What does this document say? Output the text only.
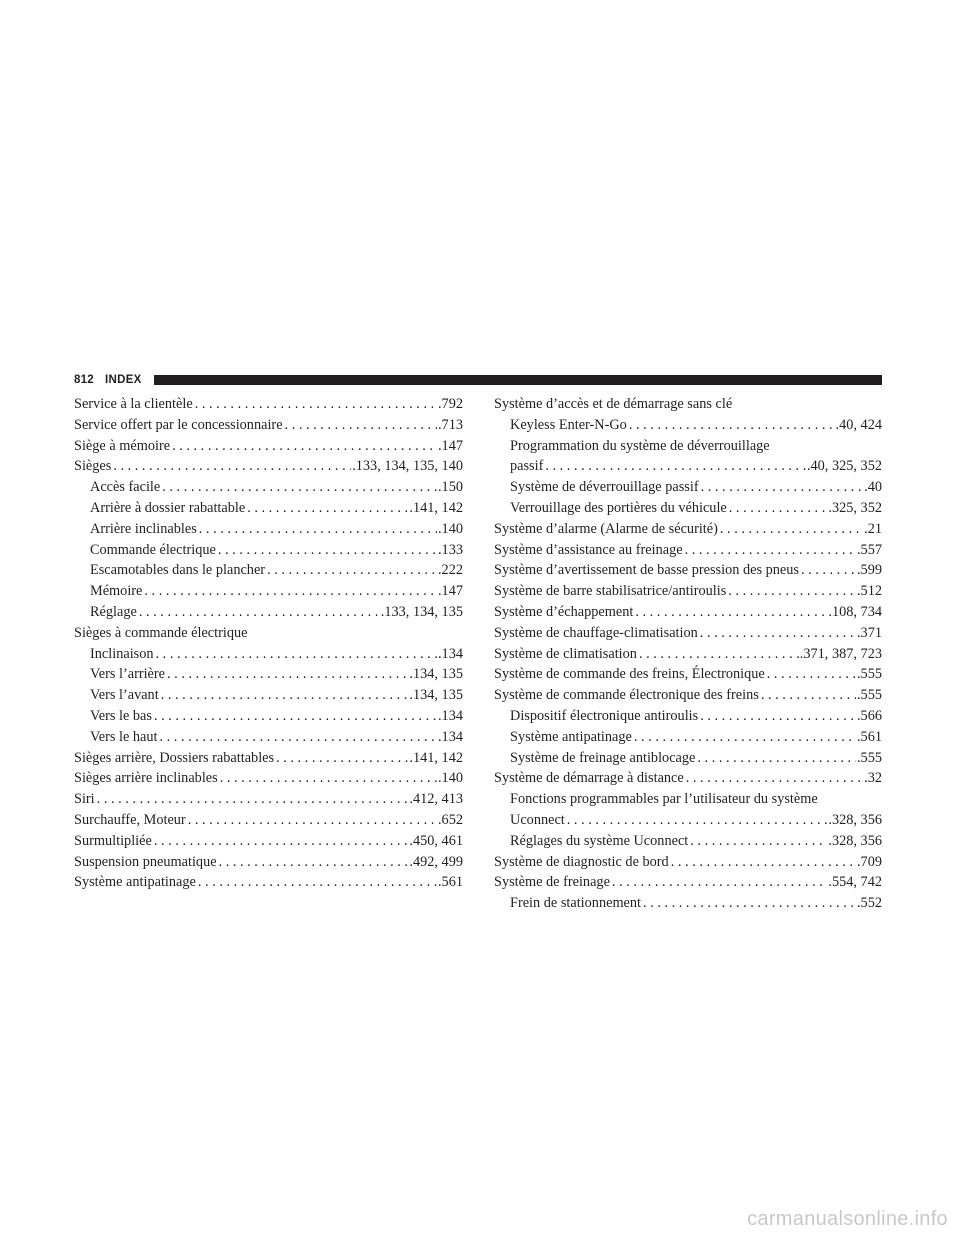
812 INDEX
Service à la clientèle . . .	.792
Service offert par le concessionnaire . . .	.713
Siège à mémoire . . .	.147
Sièges . . .	.133, 134, 135, 140
Accès facile . . .	.150
Arrière à dossier rabattable . . .	.141, 142
Arrière inclinables . . .	.140
Commande électrique . . .	.133
Escamotables dans le plancher . . .	.222
Mémoire . . .	.147
Réglage . . .	.133, 134, 135
Sièges à commande électrique
Inclinaison . . .	.134
Vers l’arrière . . .	.134, 135
Vers l’avant . . .	.134, 135
Vers le bas . . .	.134
Vers le haut . . .	.134
Sièges arrière, Dossiers rabattables . . .	.141, 142
Sièges arrière inclinables . . .	.140
Siri . . .	.412, 413
Surchauffe, Moteur . . .	.652
Surmultipliée . . .	.450, 461
Suspension pneumatique . . .	.492, 499
Système antipatinage . . .	.561
Système d’accès et de démarrage sans clé
Keyless Enter-N-Go . . .	.40, 424
Programmation du système de déverrouillage
passif . . .	.40, 325, 352
Système de déverrouillage passif . . .	.40
Verrouillage des portières du véhicule . . .	.325, 352
Système d’alarme (Alarme de sécurité) . . .	.21
Système d’assistance au freinage . . .	.557
Système d’avertissement de basse pression des pneus . . .	.599
Système de barre stabilisatrice/antiroulis . . .	.512
Système d’échappement . . .	.108, 734
Système de chauffage-climatisation . . .	.371
Système de climatisation . . .	.371, 387, 723
Système de commande des freins, Électronique . . .	.555
Système de commande électronique des freins . . .	.555
Dispositif électronique antiroulis . . .	.566
Système antipatinage . . .	.561
Système de freinage antiblocage . . .	.555
Système de démarrage à distance . . .	.32
Fonctions programmables par l’utilisateur du système
Uconnect . . .	.328, 356
Réglages du système Uconnect . . .	.328, 356
Système de diagnostic de bord . . .	.709
Système de freinage . . .	.554, 742
Frein de stationnement . . .	.552
carmanualsonline.info
